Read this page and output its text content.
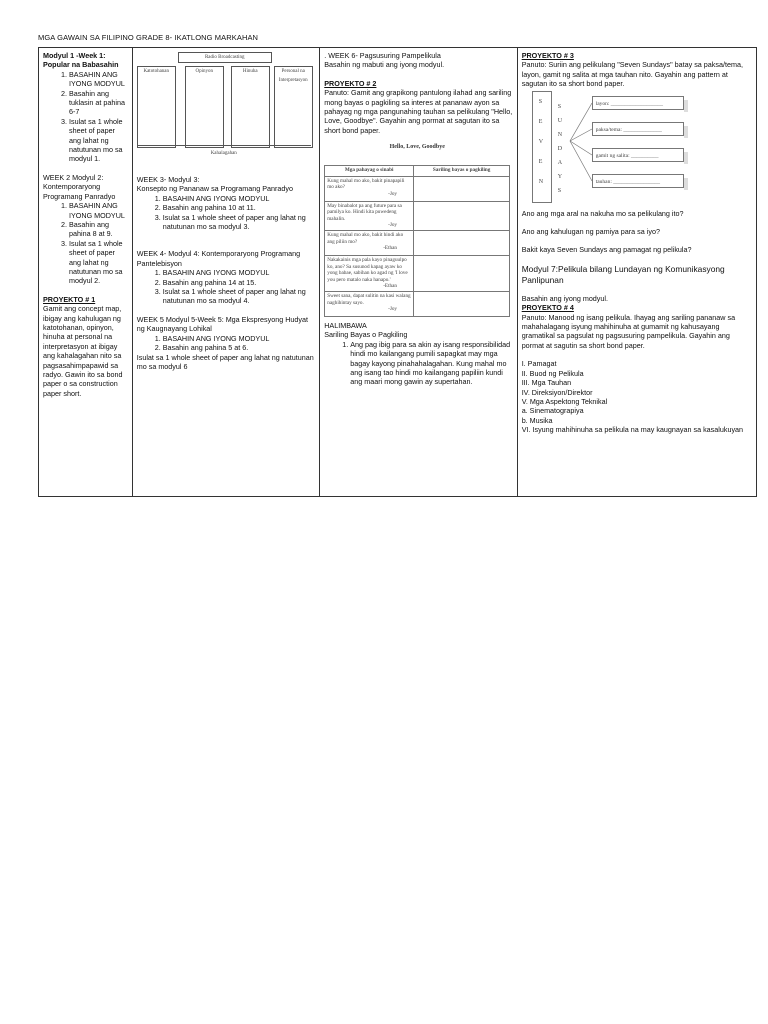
MGA GAWAIN SA FILIPINO GRADE 8- IKATLONG MARKAHAN
Modyul 1 -Week 1:
Popular na Babasahin
1. BASAHIN ANG IYONG MODYUL
2. Basahin ang tuklasin at pahina 6-7
3. Isulat sa 1 whole sheet of paper ang lahat ng natutunan mo sa modyul 1.
WEEK 2 Modyul 2: Kontemporaryong Programang Panradyo
1. BASAHIN ANG IYONG MODYUL
2. Basahin ang pahina 8 at 9.
3. Isulat sa 1 whole sheet of paper ang lahat ng natutunan mo sa modyul 2.
PROYEKTO # 1
Gamit ang concept map, ibigay ang kahulugan ng katotohanan, opinyon, hinuha at personal na interpretasyon at ibigay ang kahalagahan nito sa pagsasahimpapawid sa radyo. Gawin ito sa bond paper o sa construction paper short.
Radio Broadcasting
Katotohanan	Opinyon	Hinuha	Personal na Interpretasyon
Kahalagahan
WEEK 3- Modyul 3:
Konsepto ng Pananaw sa Programang Panradyo
1. BASAHIN ANG IYONG MODYUL
2. Basahin ang pahina 10 at 11.
3. Isulat sa 1 whole sheet of paper ang lahat ng natutunan mo sa modyul 3.
WEEK 4- Modyul 4: Kontemporaryong Programang Pantelebisyon
1. BASAHIN ANG IYONG MODYUL
2. Basahin ang pahina 14 at 15.
3. Isulat sa 1 whole sheet of paper ang lahat ng natutunan mo sa modyul 4.
WEEK 5 Modyul 5-Week 5: Mga Ekspresyong Hudyat ng Kaugnayang Lohikal
1. BASAHIN ANG IYONG MODYUL
2. Basahin ang pahina 5 at 6.
Isulat sa 1 whole sheet of paper ang lahat ng natutunan mo sa modyul 6
. WEEK 6- Pagsusuring Pampelikula
Basahin ng mabuti ang iyong modyul.
PROYEKTO # 2
Panuto: Gamit ang grapikong pantulong ilahad ang sariling mong bayas o pagkiling sa interes at pananaw ayon sa pahayag ng mga pangunahing tauhan sa pelikulang "Hello, Love, Goodbye". Gayahin ang pormat at sagutan ito sa short bond paper.
Hello, Love, Goodbye
Mga pahayag o sinabi	Sariling bayas o pagkiling

Kung mahal mo ako, bakit pinapapili mo ako?
-Joy	

May binabalot pa ang future para sa pamilya ko. Hindi kita puwedeng mahalin.
-Joy	

Kung mahal mo ako, bakit hindi ako ang piliin mo?
-Ethan	

Nakakainis mga pala kayo pinaguulpo ko, ano? Sa susunod kapag ayaw ko yong babae, sabihan ko agad ng 'I love you pero matalo naka hanapo.'
-Ethan	

Sweet sana, dapat sulitin na kasi walang naghihintay sayo.
-Joy	

HALIMBAWA
Sariling Bayas o Pagkiling
1. Ang pag ibig para sa akin ay isang responsibilidad hindi mo kailangang pumili sapagkat may mga bagay kayong pinahahalagahan. Kung mahal mo ang isang tao hindi mo kailangang papiliin kundi ang maari mong gawin ay supertahan.
PROYEKTO # 3
Panuto: Suriin ang pelikulang "Seven Sundays" batay sa paksa/tema, layon, gamit ng salita at mga tauhan nito. Gayahin ang pattern at sagutan ito sa short bond paper.
S
E
V
E
N
S
U
N
D
A
Y
S
layon: ___________________
paksa/tema: ______________
gamit ng salita: __________
tauhan: _________________
Ano ang mga aral na nakuha mo sa pelikulang ito?
Ano ang kahulugan ng pamiya para sa iyo?
Bakit kaya Seven Sundays ang pamagat ng pelikula?
Modyul 7:Pelikula bilang Lundayan ng Komunikasyong Panlipunan
Basahin ang iyong modyul.
PROYEKTO # 4
Panuto: Manood ng isang pelikula. Ihayag ang sariling pananaw sa mahahalagang isyung mahihinuha at gumamit ng kahusayang gramatikal sa pagsulat ng pagsusuring pampelikula. Gayahin ang pormat at sagutin sa short bond paper.
I. Pamagat
II. Buod ng Pelikula
III. Mga Tauhan
IV. Direksiyon/Direktor
V. Mga Aspektong Teknikal
a. Sinematograpiya
b. Musika
VI. Isyung mahihinuha sa pelikula na may kaugnayan sa kasalukuyan
